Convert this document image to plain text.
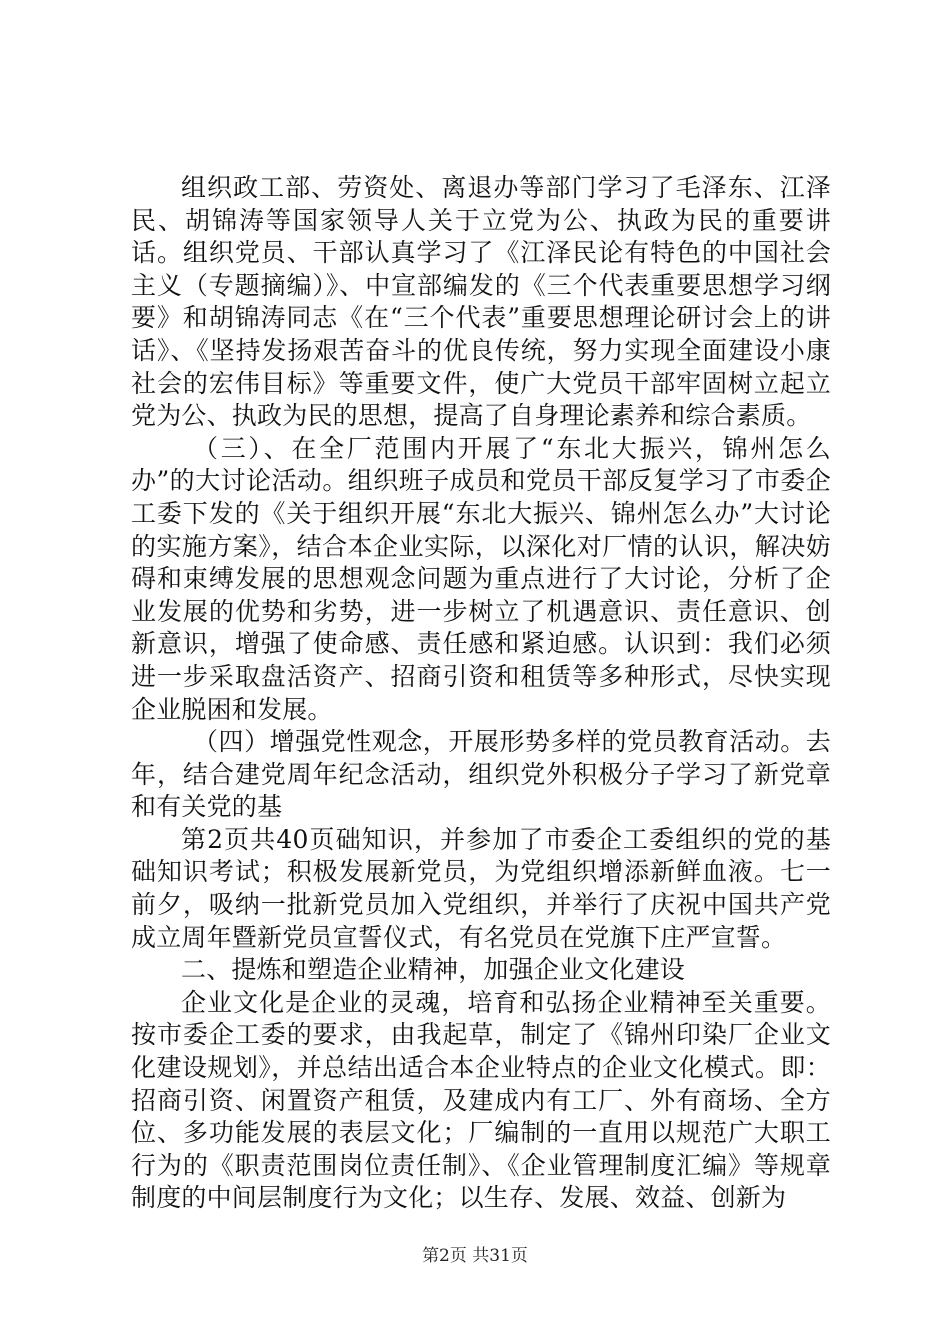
组织政工部、劳资处、离退办等部门学习了毛泽东、江泽民、胡锦涛等国家领导人关于立党为公、执政为民的重要讲话。组织党员、干部认真学习了《江泽民论有特色的中国社会主义（专题摘编）》、中宣部编发的《三个代表重要思想学习纲要》和胡锦涛同志《在“三个代表”重要思想理论研讨会上的讲话》、《坚持发扬艰苦奋斗的优良传统，努力实现全面建设小康社会的宏伟目标》等重要文件，使广大党员干部牢固树立起立党为公、执政为民的思想，提高了自身理论素养和综合素质。

（三）、在全厂范围内开展了“东北大振兴，锦州怎么办”的大讨论活动。组织班子成员和党员干部反复学习了市委企工委下发的《关于组织开展“东北大振兴、锦州怎么办”大讨论的实施方案》，结合本企业实际，以深化对厂情的认识，解决妨碍和束缚发展的思想观念问题为重点进行了大讨论，分析了企业发展的优势和劣势，进一步树立了机遇意识、责任意识、创新意识，增强了使命感、责任感和紧迫感。认识到：我们必须进一步采取盘活资产、招商引资和租赁等多种形式，尽快实现企业脱困和发展。

（四）增强党性观念，开展形势多样的党员教育活动。去年，结合建党周年纪念活动，组织党外积极分子学习了新党章和有关党的基

第2页共40页础知识，并参加了市委企工委组织的党的基础知识考试；积极发展新党员，为党组织增添新鲜血液。七一前夕，吸纳一批新党员加入党组织，并举行了庆祝中国共产党成立周年暨新党员宣誓仪式，有名党员在党旗下庄严宣誓。

二、提炼和塑造企业精神，加强企业文化建设

企业文化是企业的灵魂，培育和弘扬企业精神至关重要。按市委企工委的要求，由我起草，制定了《锦州印染厂企业文化建设规划》，并总结出适合本企业特点的企业文化模式。即：招商引资、闲置资产租赁，及建成内有工厂、外有商场、全方位、多功能发展的表层文化；厂编制的一直用以规范广大职工行为的《职责范围岗位责任制》、《企业管理制度汇编》等规章制度的中间层制度行为文化；以生存、发展、效益、创新为

第2页 共31页
